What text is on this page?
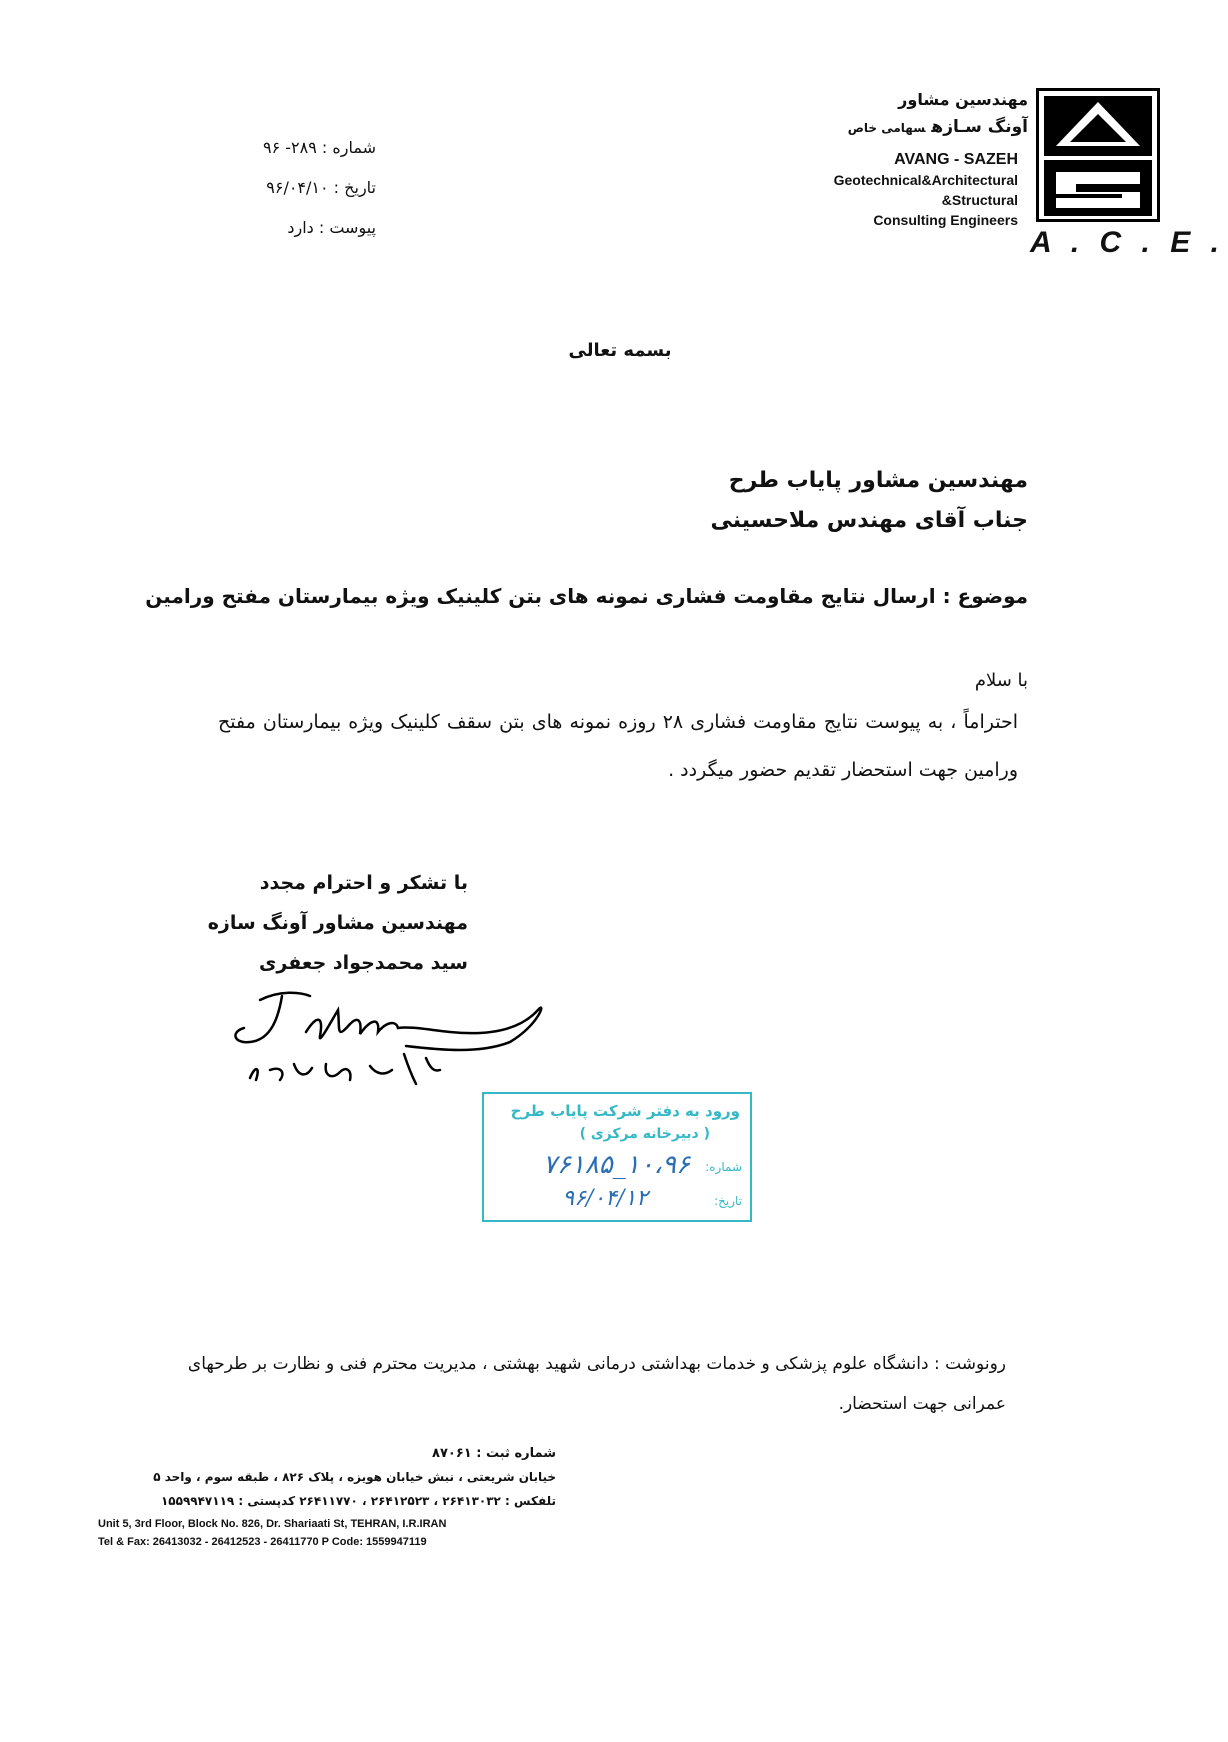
مهندسین مشاور
آونگ سـازهسهامی خاص
AVANG - SAZEH
Geotechnical&Architectural
&Structural
Consulting Engineers
A . C . E .
شماره : ۲۸۹- ۹۶
تاریخ : ۹۶/۰۴/۱۰
پیوست : دارد
بسمه تعالی
مهندسین مشاور پایاب طرح
جناب آقای مهندس ملاحسینی
موضوع : ارسال نتایج مقاومت فشاری نمونه های بتن کلینیک ویژه بیمارستان مفتح ورامین
با سلام
احتراماً ، به پیوست نتایج مقاومت فشاری ۲۸ روزه نمونه های بتن سقف کلینیک ویژه بیمارستان مفتح ورامین جهت استحضار تقدیم حضور میگردد .
با تشکر و احترام مجدد
مهندسین مشاور آونگ سازه
سید محمدجواد جعفری
ورود به دفتر شرکت پایاب طرح
( دبیرخانه مرکزی )
شماره:
۱۰،۹۶_۷۶۱۸۵
تاریخ:
۹۶/۰۴/۱۲
رونوشت : دانشگاه علوم پزشکی و خدمات بهداشتی درمانی شهید بهشتی ، مدیریت محترم فنی و نظارت بر طرحهای عمرانی جهت استحضار.
شماره ثبت : ۸۷۰۶۱
خیابان شریعتی ، نبش خیابان هویزه ، پلاک ۸۲۶ ، طبقه سوم ، واحد ۵
تلفکس : ۲۶۴۱۳۰۳۲ ، ۲۶۴۱۲۵۲۳ ، ۲۶۴۱۱۷۷۰ کدپستی : ۱۵۵۹۹۴۷۱۱۹
Unit 5, 3rd Floor, Block No. 826, Dr. Shariaati St, TEHRAN, I.R.IRAN
Tel & Fax: 26413032 - 26412523 - 26411770 P Code: 1559947119
